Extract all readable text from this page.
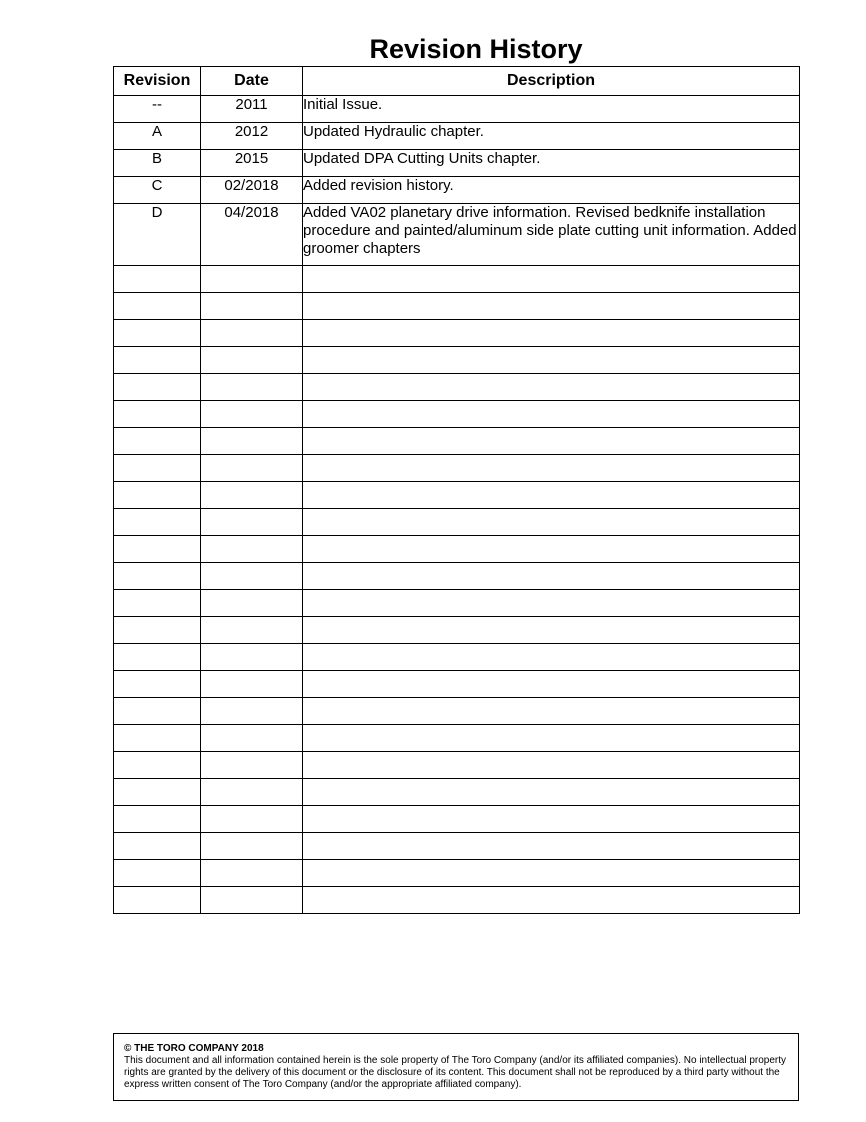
Revision History
Revision	Date	Description
--	2011	Initial Issue.
A	2012	Updated Hydraulic chapter.
B	2015	Updated DPA Cutting Units chapter.
C	02/2018	Added revision history.
D	04/2018	Added VA02 planetary drive information. Revised bedknife installation procedure and painted/aluminum side plate cutting unit information. Added groomer chapters

© THE TORO COMPANY 2018
This document and all information contained herein is the sole property of The Toro Company (and/or its affiliated companies). No intellectual property rights are granted by the delivery of this document or the disclosure of its content. This document shall not be reproduced by a third party without the express written consent of The Toro Company (and/or the appropriate affiliated company).
